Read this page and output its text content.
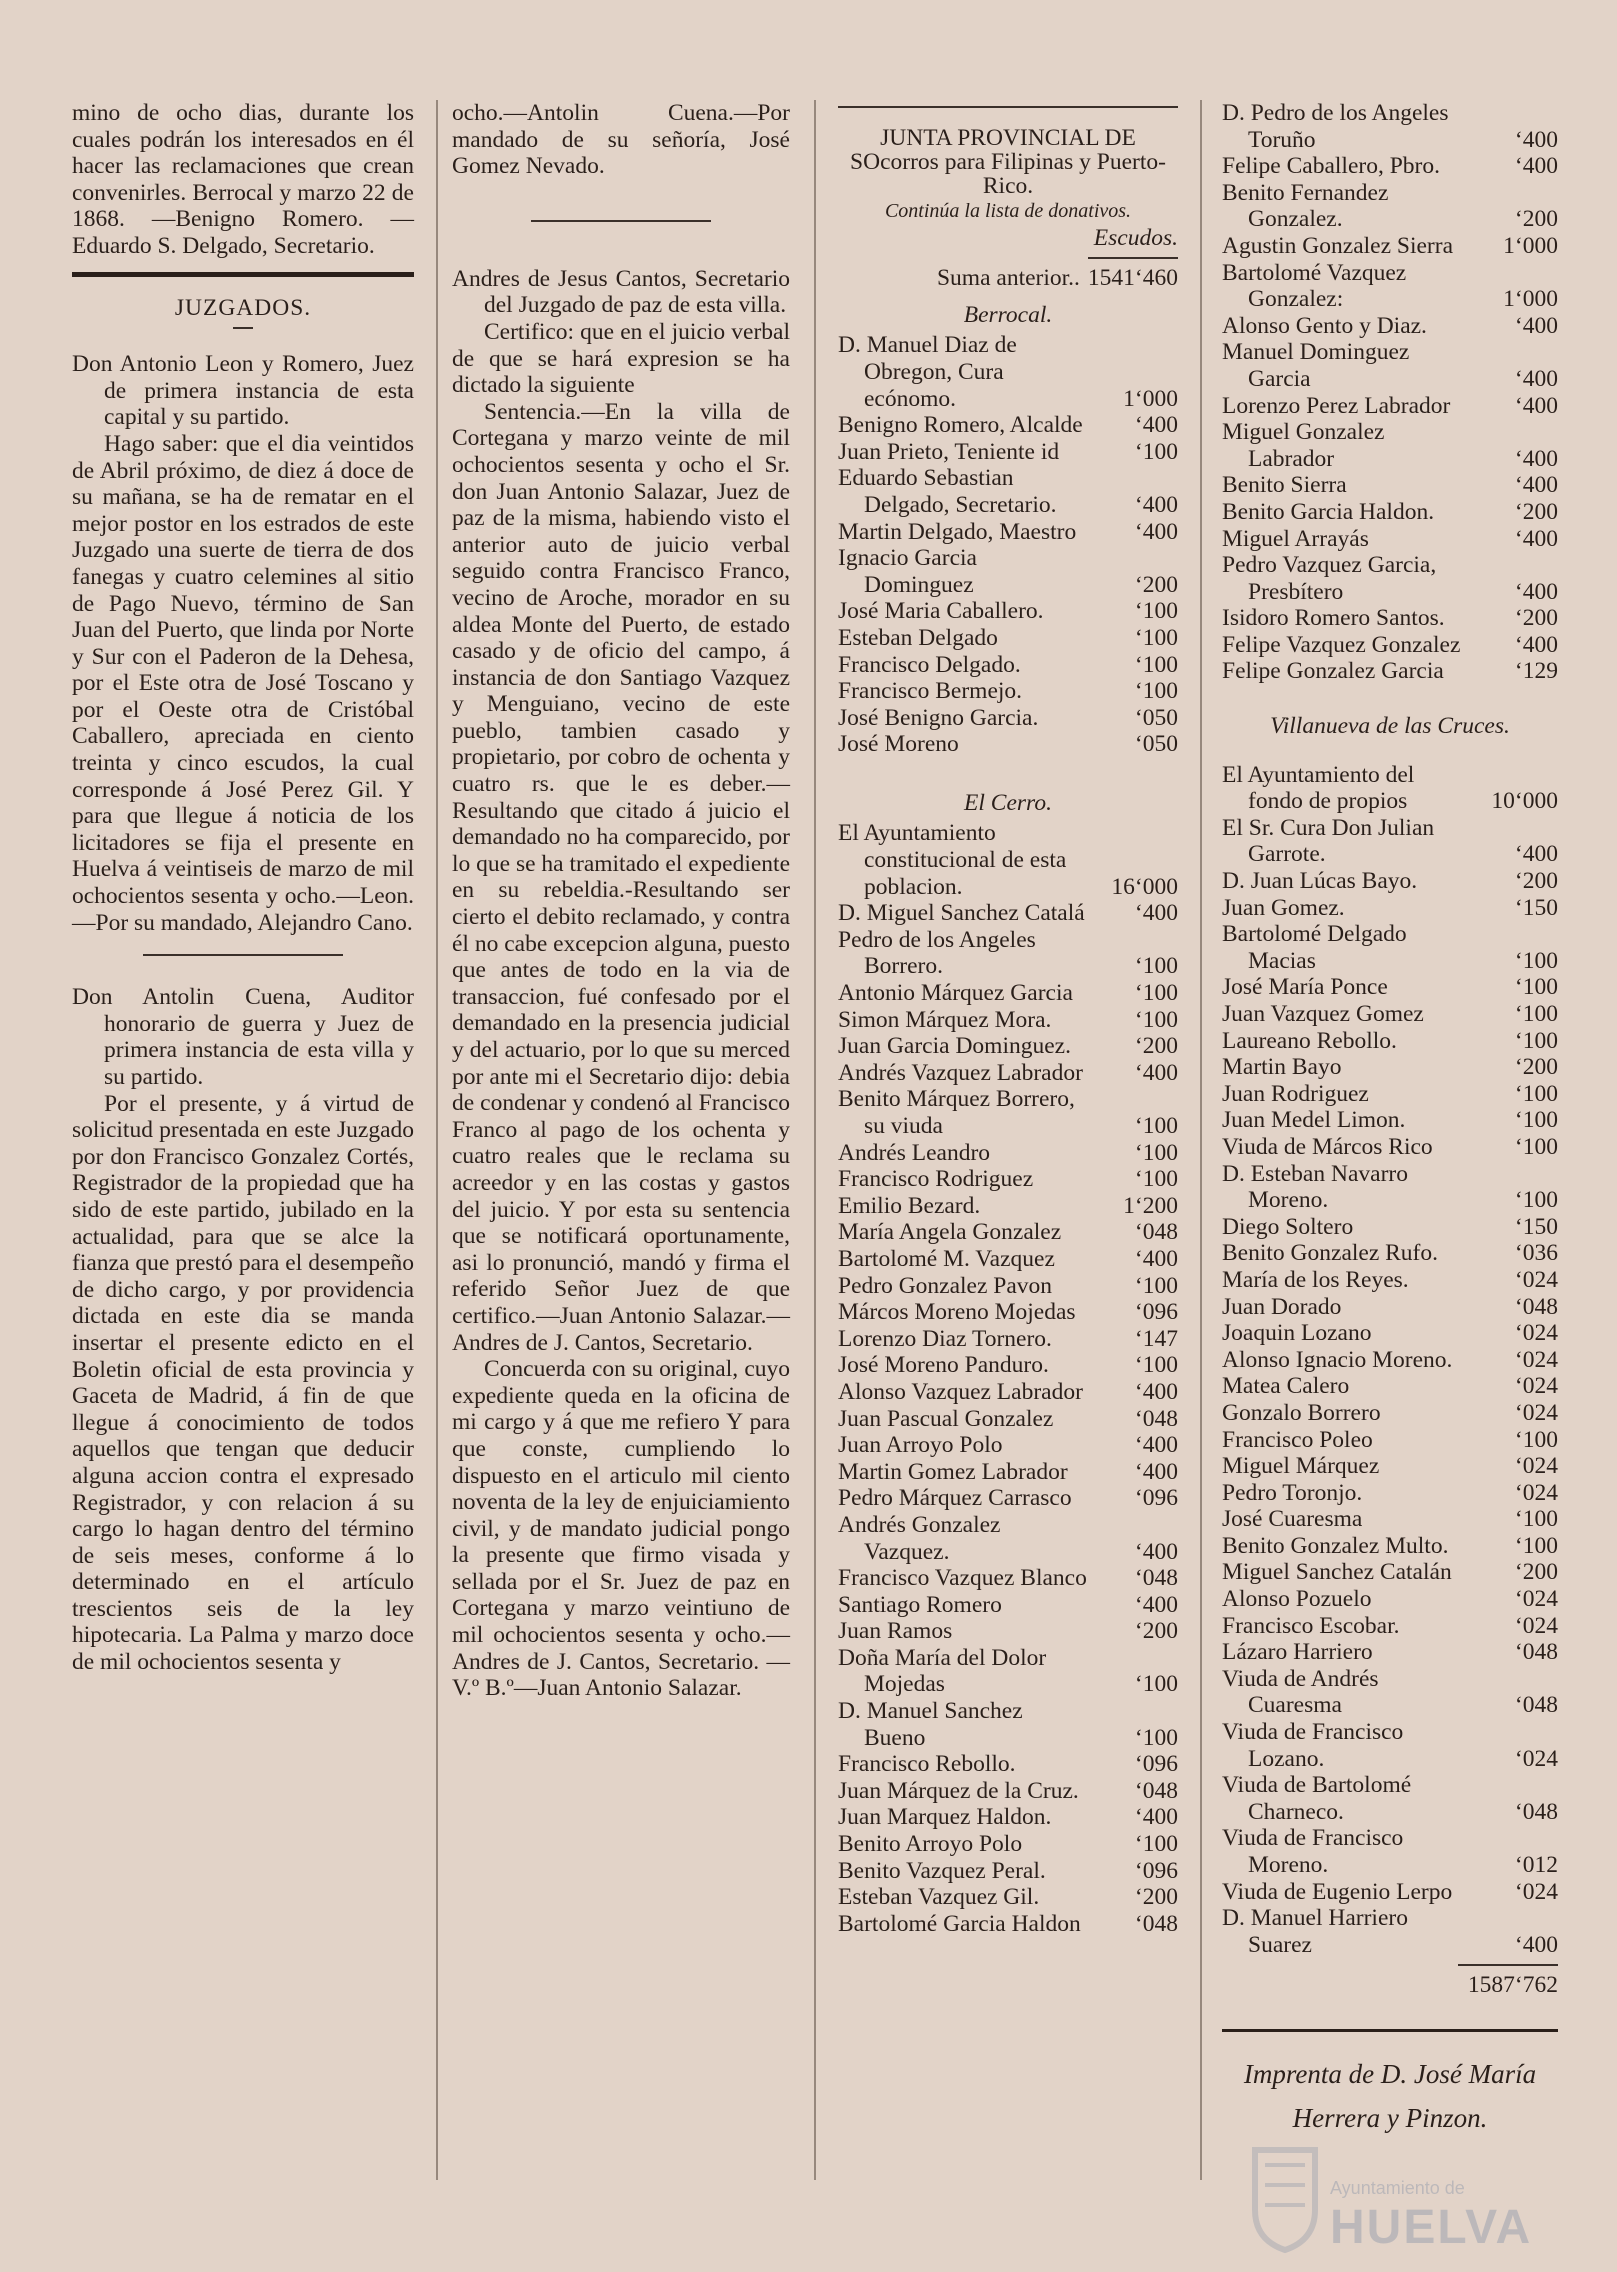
mino de ocho dias, durante los cuales podrán los interesados en él hacer las reclamaciones que crean convenirles. Berrocal y marzo 22 de 1868. —Benigno Romero. —Eduardo S. Delgado, Secretario.

JUZGADOS.

Don Antonio Leon y Romero, Juez de primera instancia de esta capital y su partido.

Hago saber: que el dia veintidos de Abril próximo, de diez á doce de su mañana, se ha de rematar en el mejor postor en los estrados de este Juzgado una suerte de tierra de dos fanegas y cuatro celemines al sitio de Pago Nuevo, término de San Juan del Puerto, que linda por Norte y Sur con el Paderon de la Dehesa, por el Este otra de José Toscano y por el Oeste otra de Cristóbal Caballero, apreciada en ciento treinta y cinco escudos, la cual corresponde á José Perez Gil. Y para que llegue á noticia de los licitadores se fija el presente en Huelva á veintiseis de marzo de mil ochocientos sesenta y ocho.—Leon.—Por su mandado, Alejandro Cano.

Don Antolin Cuena, Auditor honorario de guerra y Juez de primera instancia de esta villa y su partido.

Por el presente, y á virtud de solicitud presentada en este Juzgado por don Francisco Gonzalez Cortés, Registrador de la propiedad que ha sido de este partido, jubilado en la actualidad, para que se alce la fianza que prestó para el desempeño de dicho cargo, y por providencia dictada en este dia se manda insertar el presente edicto en el Boletin oficial de esta provincia y Gaceta de Madrid, á fin de que llegue á conocimiento de todos aquellos que tengan que deducir alguna accion contra el expresado Registrador, y con relacion á su cargo lo hagan dentro del término de seis meses, conforme á lo determinado en el artículo trescientos seis de la ley hipotecaria. La Palma y marzo doce de mil ochocientos sesenta y

ocho.—Antolin Cuena.—Por mandado de su señoría, José Gomez Nevado.

Andres de Jesus Cantos, Secretario del Juzgado de paz de esta villa.

Certifico: que en el juicio verbal de que se hará expresion se ha dictado la siguiente

Sentencia.—En la villa de Cortegana y marzo veinte de mil ochocientos sesenta y ocho el Sr. don Juan Antonio Salazar, Juez de paz de la misma, habiendo visto el anterior auto de juicio verbal seguido contra Francisco Franco, vecino de Aroche, morador en su aldea Monte del Puerto, de estado casado y de oficio del campo, á instancia de don Santiago Vazquez y Menguiano, vecino de este pueblo, tambien casado y propietario, por cobro de ochenta y cuatro rs. que le es deber.—Resultando que citado á juicio el demandado no ha comparecido, por lo que se ha tramitado el expediente en su rebeldia.-Resultando ser cierto el debito reclamado, y contra él no cabe excepcion alguna, puesto que antes de todo en la via de transaccion, fué confesado por el demandado en la presencia judicial y del actuario, por lo que su merced por ante mi el Secretario dijo: debia de condenar y condenó al Francisco Franco al pago de los ochenta y cuatro reales que le reclama su acreedor y en las costas y gastos del juicio. Y por esta su sentencia que se notificará oportunamente, asi lo pronunció, mandó y firma el referido Señor Juez de que certifico.—Juan Antonio Salazar.—Andres de J. Cantos, Secretario.

Concuerda con su original, cuyo expediente queda en la oficina de mi cargo y á que me refiero Y para que conste, cumpliendo lo dispuesto en el articulo mil ciento noventa de la ley de enjuiciamiento civil, y de mandato judicial pongo la presente que firmo visada y sellada por el Sr. Juez de paz en Cortegana y marzo veintiuno de mil ochocientos sesenta y ocho.—Andres de J. Cantos, Secretario. —V.º B.º—Juan Antonio Salazar.

JUNTA PROVINCIAL DE SOcorros para Filipinas y Puerto-Rico.

Continúa la lista de donativos.

Escudos.

Suma anterior.. 1541‘460
Berrocal.
D. Manuel Diaz de Obregon, Cura ecónomo.	1‘000
Benigno Romero, Alcalde	‘400
Juan Prieto, Teniente id	‘100
Eduardo Sebastian Delgado, Secretario.	‘400
Martin Delgado, Maestro	‘400
Ignacio Garcia Dominguez	‘200
José Maria Caballero.	‘100
Esteban Delgado	‘100
Francisco Delgado.	‘100
Francisco Bermejo.	‘100
José Benigno Garcia.	‘050
José Moreno	‘050
El Cerro.
El Ayuntamiento constitucional de esta poblacion.	16‘000
D. Miguel Sanchez Catalá	‘400
Pedro de los Angeles Borrero.	‘100
Antonio Márquez Garcia	‘100
Simon Márquez Mora.	‘100
Juan Garcia Dominguez.	‘200
Andrés Vazquez Labrador	‘400
Benito Márquez Borrero, su viuda	‘100
Andrés Leandro	‘100
Francisco Rodriguez	‘100
Emilio Bezard.	1‘200
María Angela Gonzalez	‘048
Bartolomé M. Vazquez	‘400
Pedro Gonzalez Pavon	‘100
Márcos Moreno Mojedas	‘096
Lorenzo Diaz Tornero.	‘147
José Moreno Panduro.	‘100
Alonso Vazquez Labrador	‘400
Juan Pascual Gonzalez	‘048
Juan Arroyo Polo	‘400
Martin Gomez Labrador	‘400
Pedro Márquez Carrasco	‘096
Andrés Gonzalez Vazquez.	‘400
Francisco Vazquez Blanco	‘048
Santiago Romero	‘400
Juan Ramos	‘200
Doña María del Dolor Mojedas	‘100
D. Manuel Sanchez Bueno	‘100
Francisco Rebollo.	‘096
Juan Márquez de la Cruz.	‘048
Juan Marquez Haldon.	‘400
Benito Arroyo Polo	‘100
Benito Vazquez Peral.	‘096
Esteban Vazquez Gil.	‘200
Bartolomé Garcia Haldon	‘048
D. Pedro de los Angeles Toruño	‘400
Felipe Caballero, Pbro.	‘400
Benito Fernandez Gonzalez.	‘200
Agustin Gonzalez Sierra	1‘000
Bartolomé Vazquez Gonzalez:	1‘000
Alonso Gento y Diaz.	‘400
Manuel Dominguez Garcia	‘400
Lorenzo Perez Labrador	‘400
Miguel Gonzalez Labrador	‘400
Benito Sierra	‘400
Benito Garcia Haldon.	‘200
Miguel Arrayás	‘400
Pedro Vazquez Garcia, Presbítero	‘400
Isidoro Romero Santos.	‘200
Felipe Vazquez Gonzalez	‘400
Felipe Gonzalez Garcia	‘129
Villanueva de las Cruces.
El Ayuntamiento del fondo de propios	10‘000
El Sr. Cura Don Julian Garrote.	‘400
D. Juan Lúcas Bayo.	‘200
Juan Gomez.	‘150
Bartolomé Delgado Macias	‘100
José María Ponce	‘100
Juan Vazquez Gomez	‘100
Laureano Rebollo.	‘100
Martin Bayo	‘200
Juan Rodriguez	‘100
Juan Medel Limon.	‘100
Viuda de Márcos Rico	‘100
D. Esteban Navarro Moreno.	‘100
Diego Soltero	‘150
Benito Gonzalez Rufo.	‘036
María de los Reyes.	‘024
Juan Dorado	‘048
Joaquin Lozano	‘024
Alonso Ignacio Moreno.	‘024
Matea Calero	‘024
Gonzalo Borrero	‘024
Francisco Poleo	‘100
Miguel Márquez	‘024
Pedro Toronjo.	‘024
José Cuaresma	‘100
Benito Gonzalez Multo.	‘100
Miguel Sanchez Catalán	‘200
Alonso Pozuelo	‘024
Francisco Escobar.	‘024
Lázaro Harriero	‘048
Viuda de Andrés Cuaresma	‘048
Viuda de Francisco Lozano.	‘024
Viuda de Bartolomé Charneco.	‘048
Viuda de Francisco Moreno.	‘012
Viuda de Eugenio Lerpo	‘024
D. Manuel Harriero Suarez	‘400
1587‘762
Imprenta de D. José María
Herrera y Pinzon.
Ayuntamiento de
HUELVA
